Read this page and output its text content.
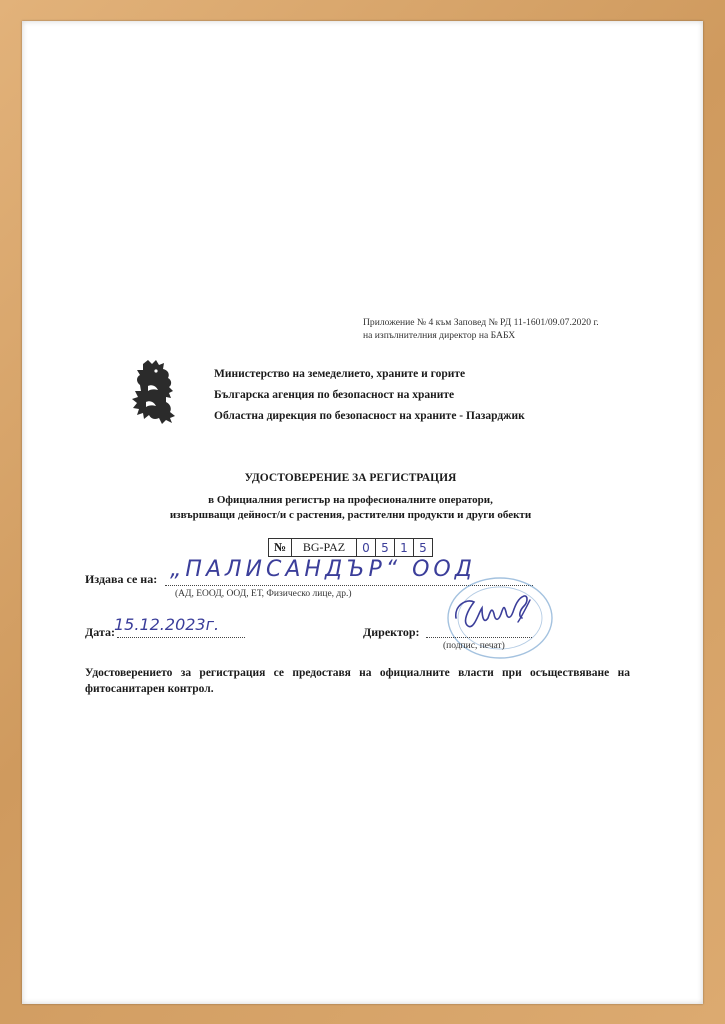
Приложение № 4 към Заповед № РД 11-1601/09.07.2020 г.
на изпълнителния директор на БАБХ
Министерство на земеделието, храните и горите
Българска агенция по безопасност на храните
Областна дирекция по безопасност на храните - Пазарджик
УДОСТОВЕРЕНИЕ ЗА РЕГИСТРАЦИЯ
в Официалния регистър на професионалните оператори,
извършващи дейност/и с растения, растителни продукти и други обекти
№	BG-PAZ	0 5 1 5
Издава се на: „ПАЛИСАНДЪР“ ООД
(АД, ЕООД, ООД, ЕТ, Физическо лице, др.)
Дата: 15.12.2023г.	Директор:
(подпис, печат)
Удостоверението за регистрация се предоставя на официалните власти при осъществяване на фитосанитарен контрол.
